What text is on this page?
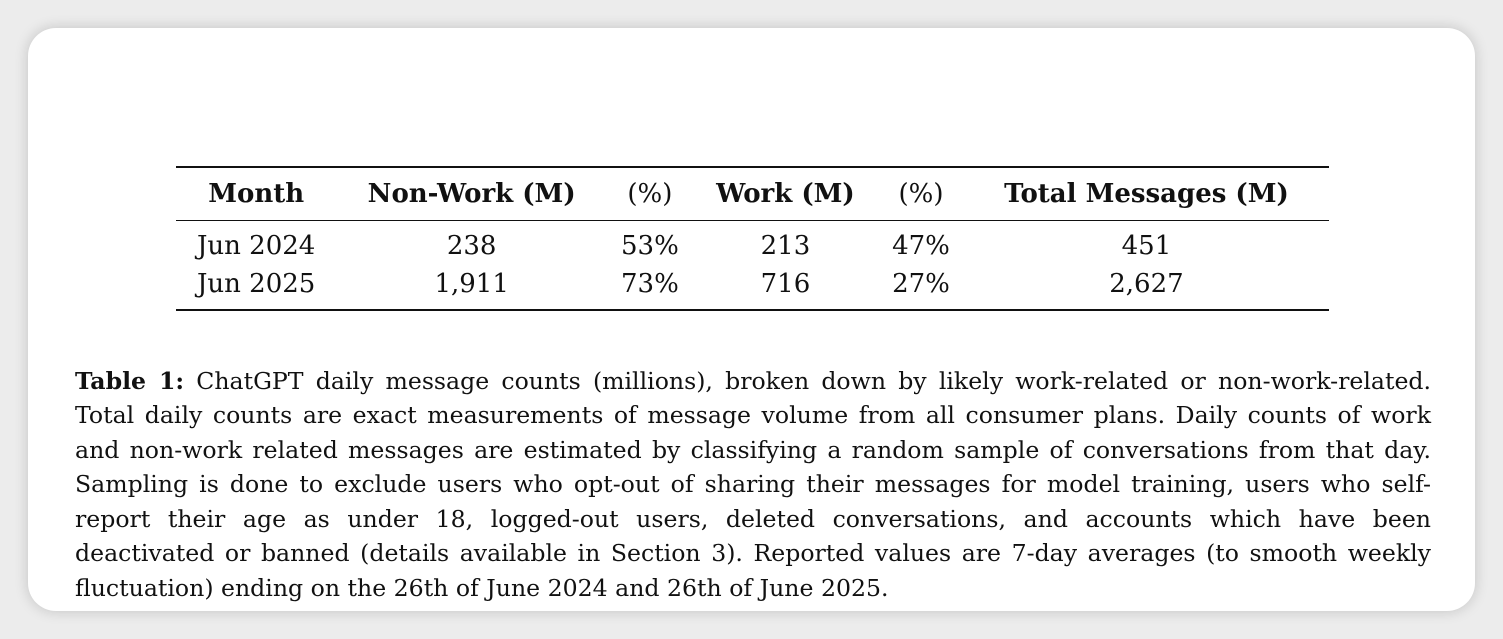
Month	Non-Work (M)	(%)	Work (M)	(%)	Total Messages (M)
Jun 2024	238	53%	213	47%	451
Jun 2025	1,911	73%	716	27%	2,627

Table 1: ChatGPT daily message counts (millions), broken down by likely work-related or non-work-related. Total daily counts are exact measurements of message volume from all consumer plans. Daily counts of work and non-work related messages are estimated by classifying a random sample of conversations from that day. Sampling is done to exclude users who opt-out of sharing their messages for model training, users who self-report their age as under 18, logged-out users, deleted conversations, and accounts which have been deactivated or banned (details available in Section 3). Reported values are 7-day averages (to smooth weekly fluctuation) ending on the 26th of June 2024 and 26th of June 2025.
